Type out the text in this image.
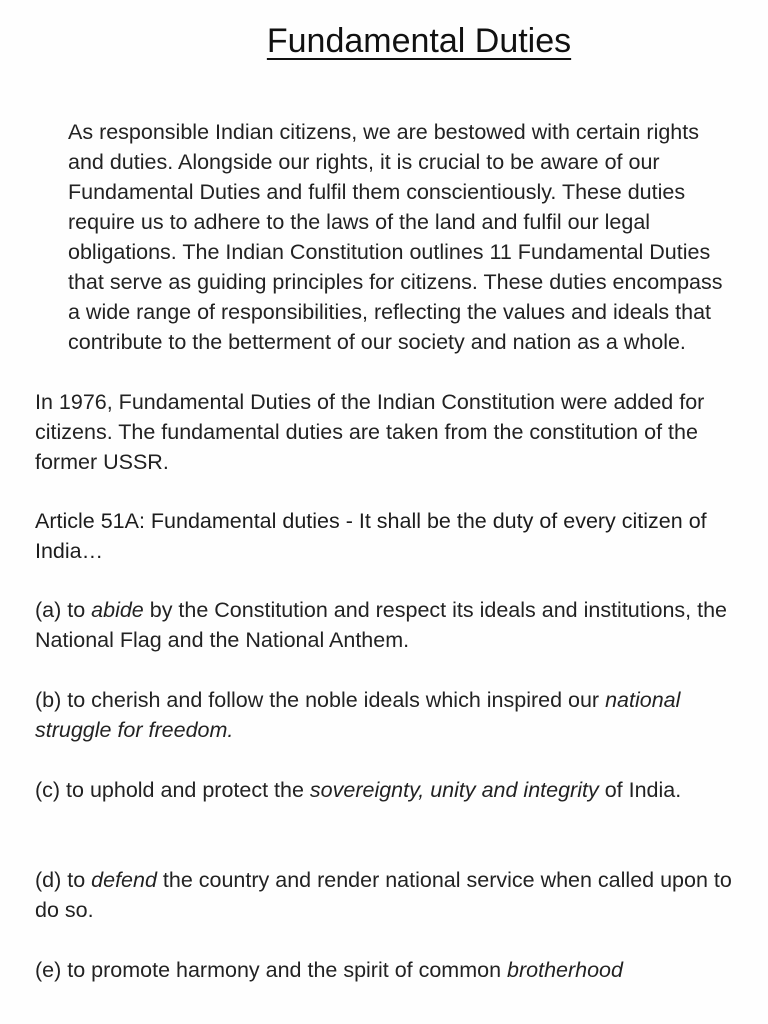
Fundamental Duties

As responsible Indian citizens, we are bestowed with certain rights and duties. Alongside our rights, it is crucial to be aware of our Fundamental Duties and fulfil them conscientiously. These duties require us to adhere to the laws of the land and fulfil our legal obligations. The Indian Constitution outlines 11 Fundamental Duties that serve as guiding principles for citizens. These duties encompass a wide range of responsibilities, reflecting the values and ideals that contribute to the betterment of our society and nation as a whole.

In 1976, Fundamental Duties of the Indian Constitution were added for citizens. The fundamental duties are taken from the constitution of the former USSR.

Article 51A: Fundamental duties - It shall be the duty of every citizen of India…

(a) to abide by the Constitution and respect its ideals and institutions, the National Flag and the National Anthem.

(b) to cherish and follow the noble ideals which inspired our national struggle for freedom.

(c) to uphold and protect the sovereignty, unity and integrity of India.

(d) to defend the country and render national service when called upon to do so.

(e) to promote harmony and the spirit of common brotherhood
